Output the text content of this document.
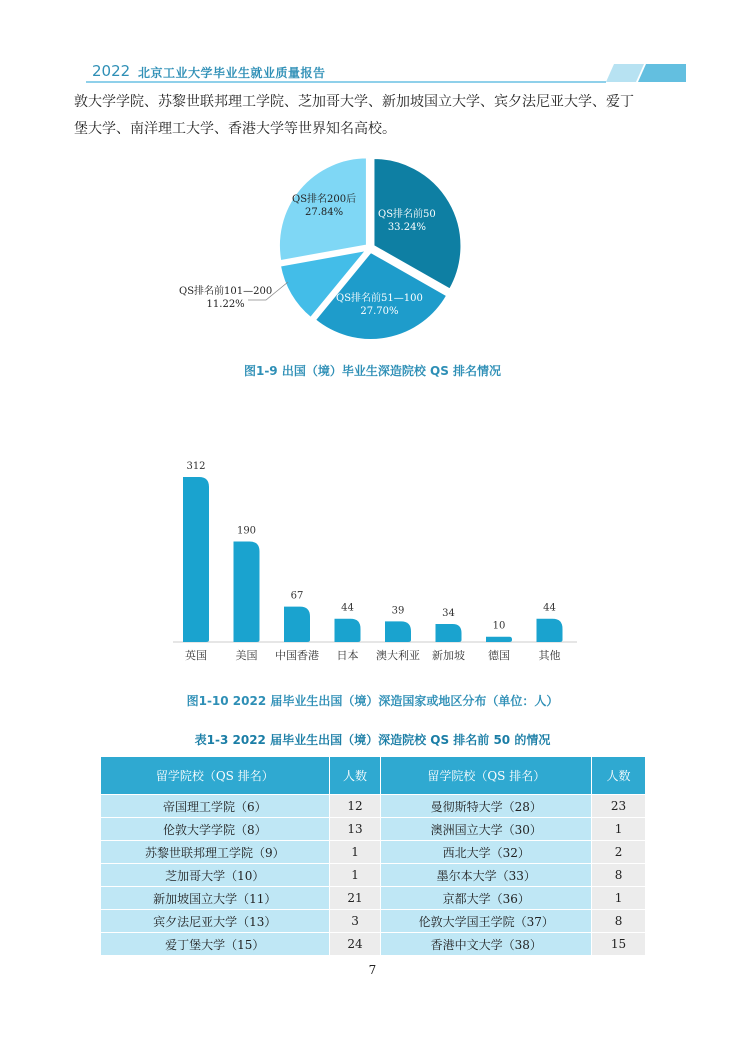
2022 北京工业大学毕业生就业质量报告
敦大学学院、苏黎世联邦理工学院、芝加哥大学、新加坡国立大学、宾夕法尼亚大学、爱丁
堡大学、南洋理工大学、香港大学等世界知名高校。
QS排名前50
33.24%
QS排名前51—100
27.70%
QS排名前101—200
11.22%
QS排名200后
27.84%
图1-9 出国（境）毕业生深造院校 QS 排名情况
312
英国
190
美国
67
中国香港
44
日本
39
澳大利亚
34
新加坡
10
德国
44
其他
图1-10 2022 届毕业生出国（境）深造国家或地区分布（单位：人）
表1-3 2022 届毕业生出国（境）深造院校 QS 排名前 50 的情况
留学院校（QS 排名）	人数	留学院校（QS 排名）	人数
帝国理工学院（6）	12	曼彻斯特大学（28）	23
伦敦大学学院（8）	13	澳洲国立大学（30）	1
苏黎世联邦理工学院（9）	1	西北大学（32）	2
芝加哥大学（10）	1	墨尔本大学（33）	8
新加坡国立大学（11）	21	京都大学（36）	1
宾夕法尼亚大学（13）	3	伦敦大学国王学院（37）	8
爱丁堡大学（15）	24	香港中文大学（38）	15
7
